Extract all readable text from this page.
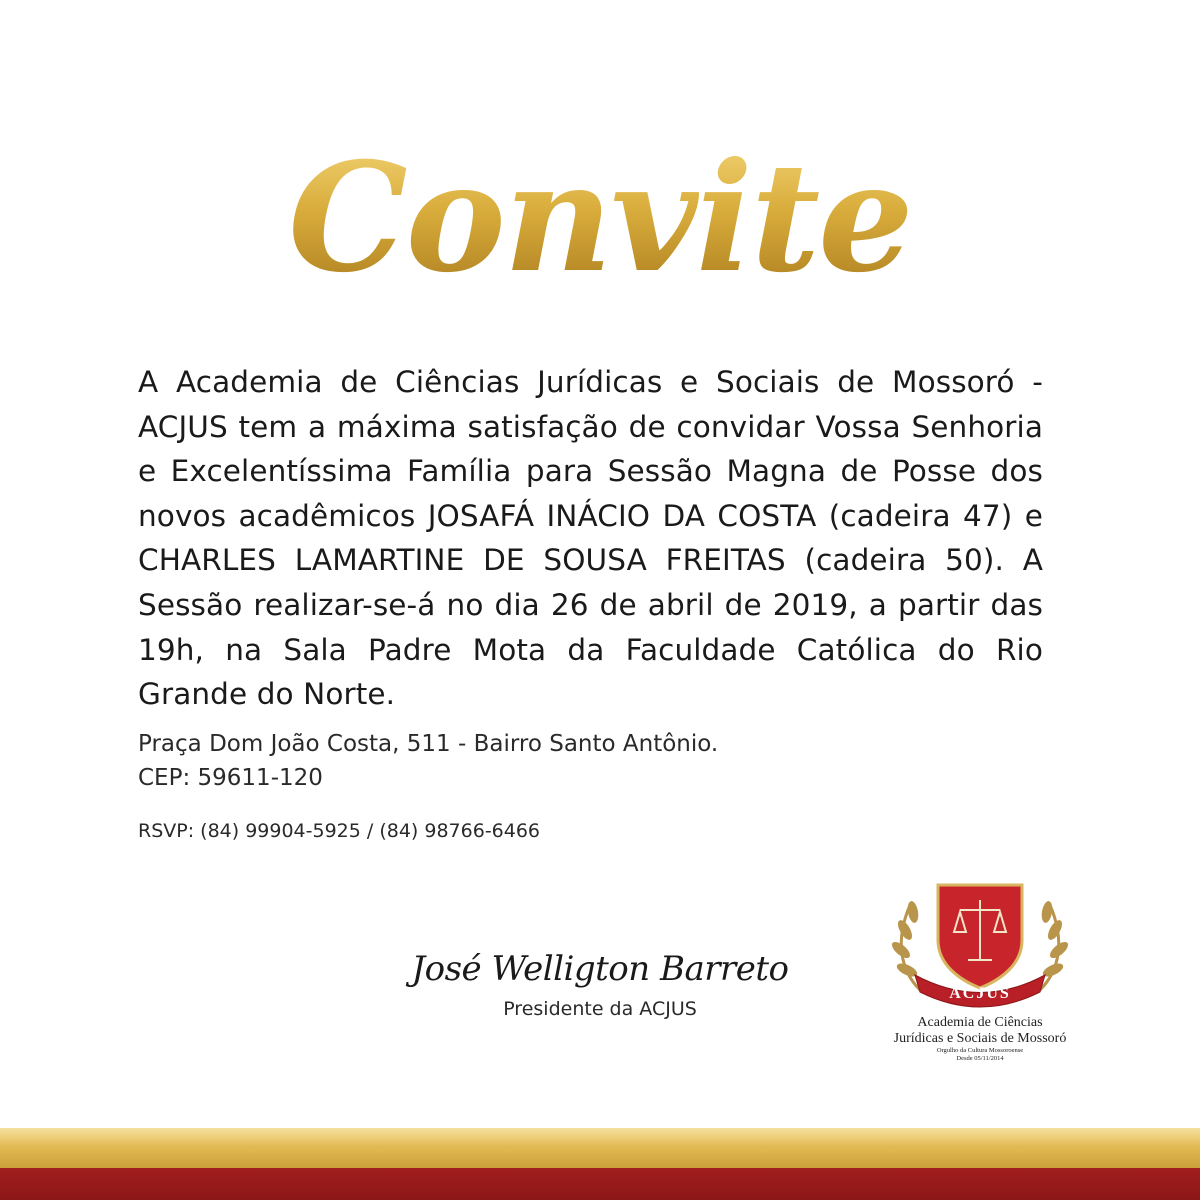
Convite

A Academia de Ciências Jurídicas e Sociais de Mossoró - ACJUS tem a máxima satisfação de convidar Vossa Senhoria e Excelentíssima Família para Sessão Magna de Posse dos novos acadêmicos JOSAFÁ INÁCIO DA COSTA (cadeira 47) e CHARLES LAMARTINE DE SOUSA FREITAS (cadeira 50). A Sessão realizar-se-á no dia 26 de abril de 2019, a partir das 19h, na Sala Padre Mota da Faculdade Católica do Rio Grande do Norte.

Praça Dom João Costa, 511 - Bairro Santo Antônio.
CEP: 59611-120

RSVP: (84) 99904-5925 / (84) 98766-6466

José Welligton Barreto

Presidente da ACJUS

ACJUS
Academia de Ciências
Jurídicas e Sociais de Mossoró
Orgulho da Cultura Mossoroense
Desde 05/11/2014
